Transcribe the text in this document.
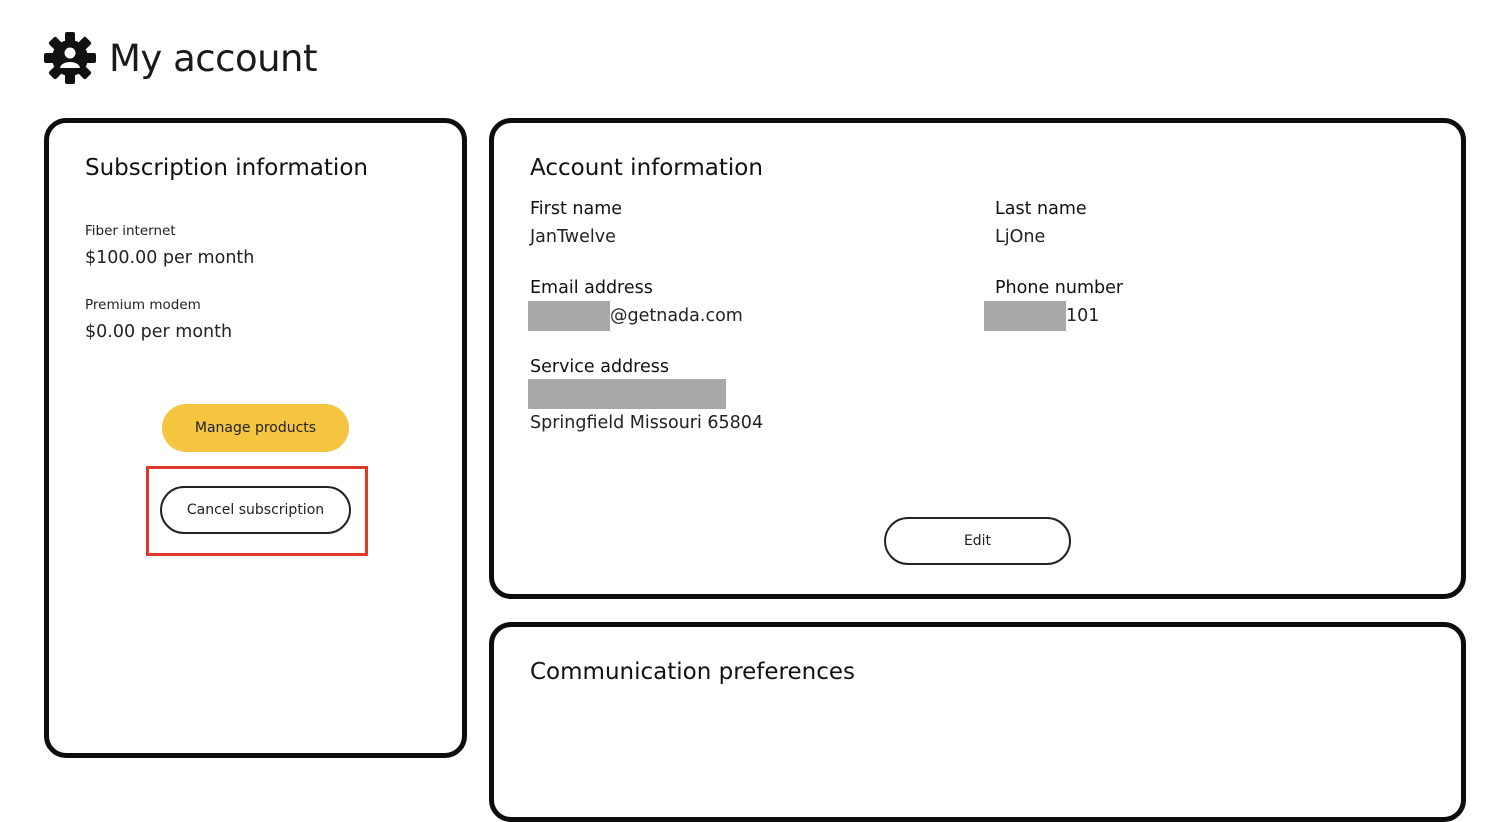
My account
Subscription information
Fiber internet
$100.00 per month
Premium modem
$0.00 per month
Manage products
Cancel subscription
Account information
First name
JanTwelve
Last name
LjOne
Email address
@getnada.com
Phone number
101
Service address
Springfield Missouri 65804
Edit
Communication preferences
